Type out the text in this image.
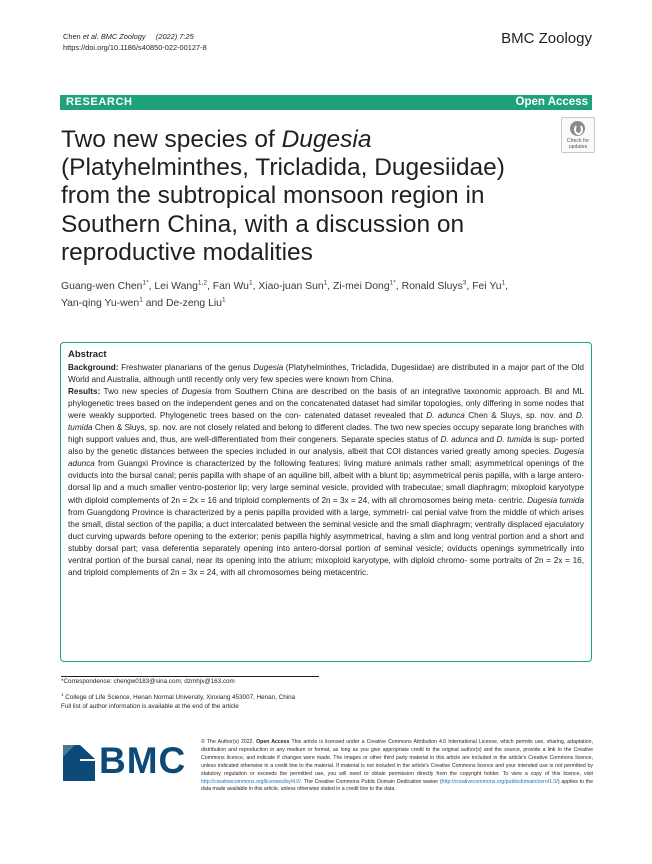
Chen et al. BMC Zoology (2022) 7:25
https://doi.org/10.1186/s40850-022-00127-8
BMC Zoology
RESEARCH	Open Access
Two new species of Dugesia (Platyhelminthes, Tricladida, Dugesiidae) from the subtropical monsoon region in Southern China, with a discussion on reproductive modalities
Check for
updates
Guang-wen Chen$^{1*}$, Lei Wang$^{1,2}$, Fan Wu$^1$, Xiao-juan Sun$^1$, Zi-mei Dong$^{1*}$, Ronald Sluys$^3$, Fei Yu$^1$,
Yan-qing Yu-wen$^1$ and De-zeng Liu$^1$
Abstract

Background: Freshwater planarians of the genus Dugesia (Platyhelminthes, Tricladida, Dugesiidae) are distributed in a major part of the Old World and Australia, although until recently only very few species were known from China.

Results: Two new species of Dugesia from Southern China are described on the basis of an integrative taxonomic approach. BI and ML phylogenetic trees based on the independent genes and on the concatenated dataset had similar topologies, only differing in some nodes that were weakly supported. Phylogenetic trees based on the con- catenated dataset revealed that D. adunca Chen & Sluys, sp. nov. and D. tumida Chen & Sluys, sp. nov. are not closely related and belong to different clades. The two new species occupy separate long branches with high support values and, thus, are well-differentiated from their congeners. Separate species status of D. adunca and D. tumida is sup- ported also by the genetic distances between the species included in our analysis, albeit that COI distances varied greatly among species. Dugesia adunca from Guangxi Province is characterized by the following features: living mature animals rather small; asymmetrical openings of the oviducts into the bursal canal; penis papilla with shape of an aquiline bill, albeit with a blunt tip; asymmetrical penis papilla, with a large antero-dorsal lip and a much smaller ventro-posterior lip; very large seminal vesicle, provided with trabeculae; small diaphragm; mixoploid karyotype with diploid complements of 2n = 2x = 16 and triploid complements of 2n = 3x = 24, with all chromosomes being meta- centric. Dugesia tumida from Guangdong Province is characterized by a penis papilla provided with a large, symmetri- cal penial valve from the middle of which arises the small, distal section of the papilla; a duct intercalated between the seminal vesicle and the small diaphragm; ventrally displaced ejaculatory duct curving upwards before opening to the exterior; penis papilla highly asymmetrical, having a slim and long ventral portion and a short and stubby dorsal part; vasa deferentia separately opening into antero-dorsal portion of seminal vesicle; oviducts openings symmetrically into ventral portion of the bursal canal, near its opening into the atrium; mixoploid karyotype, with diploid chromo- some portraits of 2n = 2x = 16, and triploid complements of 2n = 3x = 24, with all chromosomes being metacentric.

*Correspondence: chengw0183@sina.com; dzmhjx@163.com
$^1$ College of Life Science, Henan Normal University, Xinxiang 453007, Henan, China
Full list of author information is available at the end of the article
BMC	© The Author(s) 2022. Open Access This article is licensed under a Creative Commons Attribution 4.0 International License, which permits use, sharing, adaptation, distribution and reproduction in any medium or format, as long as you give appropriate credit to the original author(s) and the source, provide a link to the Creative Commons licence, and indicate if changes were made. The images or other third party material in this article are included in the article's Creative Commons licence, unless indicated otherwise in a credit line to the material. If material is not included in the article's Creative Commons licence and your intended use is not permitted by statutory regulation or exceeds the permitted use, you will need to obtain permission directly from the copyright holder. To view a copy of this licence, visit http://creativecommons.org/licenses/by/4.0/. The Creative Commons Public Domain Dedication waiver (http://creativecommons.org/publicdomain/zero/1.0/) applies to the data made available in this article, unless otherwise stated in a credit line to the data.
